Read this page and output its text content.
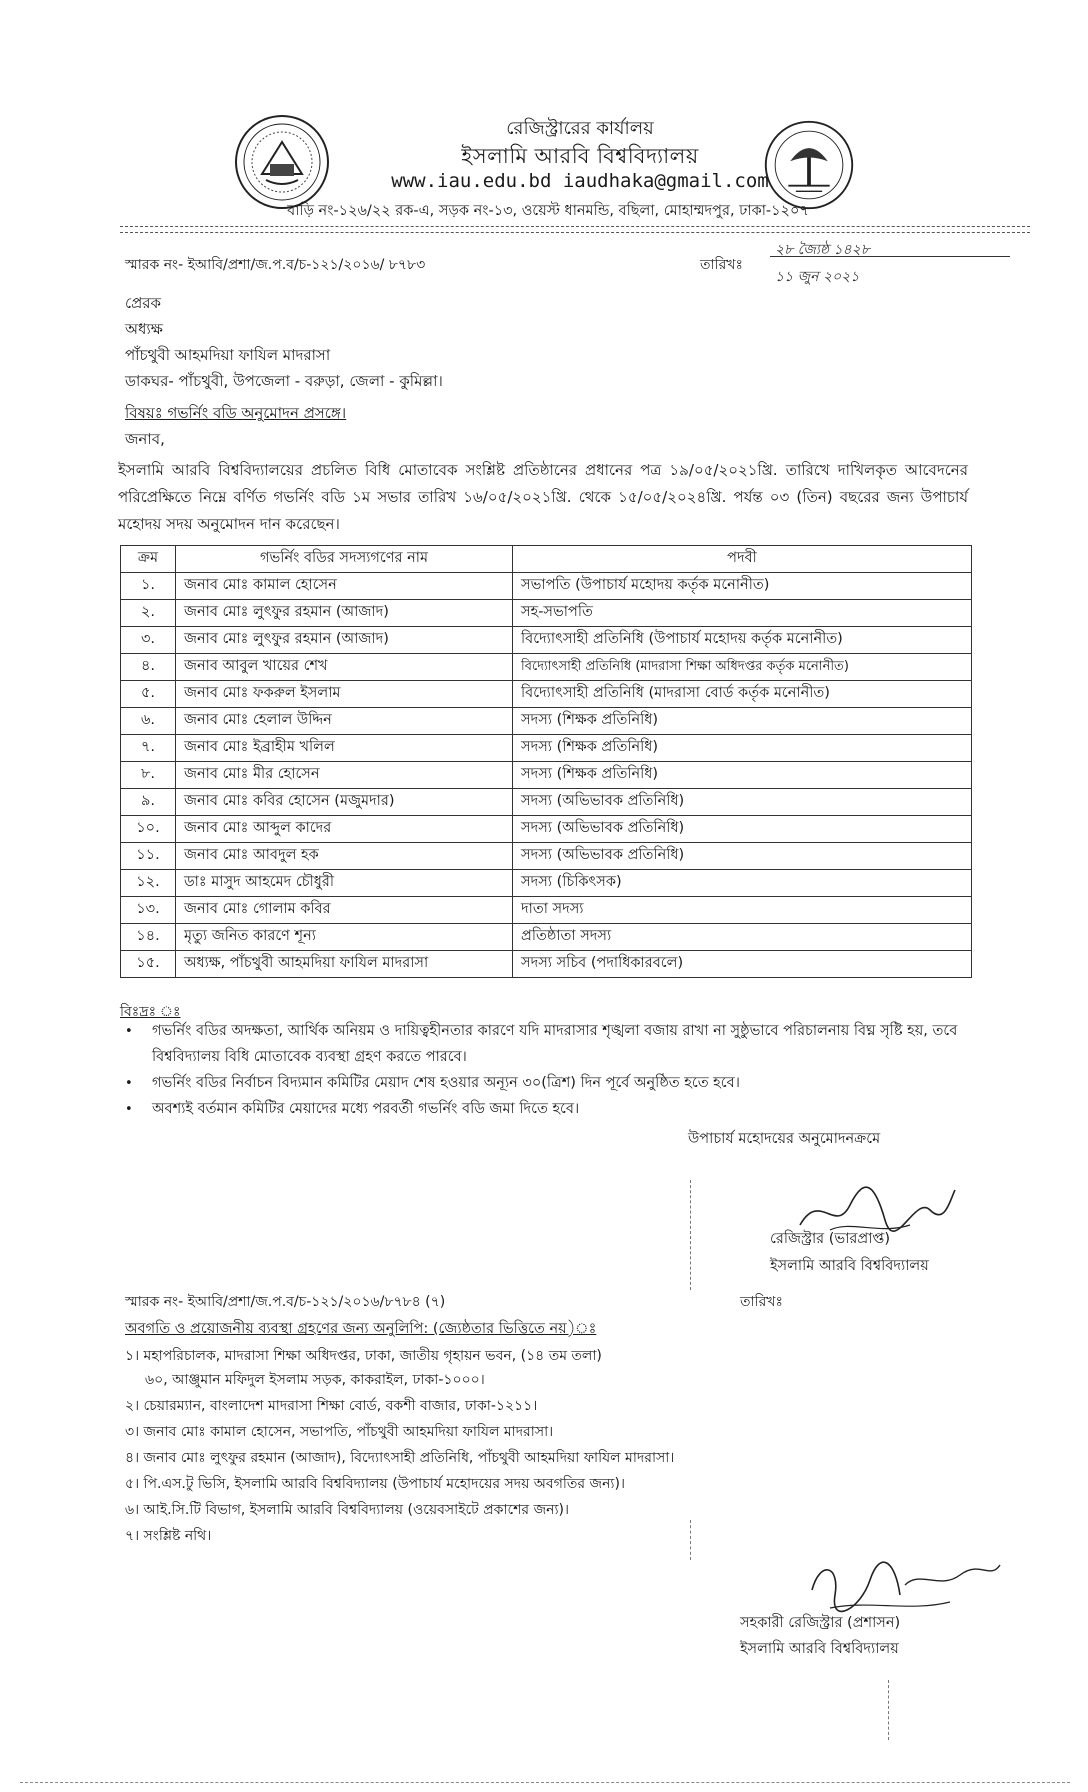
রেজিস্ট্রারের কার্যালয়
ইসলামি আরবি বিশ্ববিদ্যালয়
www.iau.edu.bd iaudhaka@gmail.com
বাড়ি নং-১২৬/২২ রক-এ, সড়ক নং-১৩, ওয়েস্ট ধানমন্ডি, বছিলা, মোহাম্মদপুর, ঢাকা-১২০৭
স্মারক নং- ইআবি/প্রশা/জ.প.ব/চ-১২১/২০১৬/ ৮৭৮৩	তারিখঃ
২৮ জ্যৈষ্ঠ ১৪২৮
১১ জুন ২০২১
প্রেরক
অধ্যক্ষ
পাঁচথুবী আহমদিয়া ফাযিল মাদরাসা
ডাকঘর- পাঁচথুবী, উপজেলা - বরুড়া, জেলা - কুমিল্লা।
বিষয়ঃ গভর্নিং বডি অনুমোদন প্রসঙ্গে।
জনাব,
ইসলামি আরবি বিশ্ববিদ্যালয়ের প্রচলিত বিধি মোতাবেক সংশ্লিষ্ট প্রতিষ্ঠানের প্রধানের পত্র ১৯/০৫/২০২১খ্রি. তারিখে দাখিলকৃত আবেদনের পরিপ্রেক্ষিতে নিম্নে বর্ণিত গভর্নিং বডি ১ম সভার তারিখ ১৬/০৫/২০২১খ্রি. থেকে ১৫/০৫/২০২৪খ্রি. পর্যন্ত ০৩ (তিন) বছরের জন্য উপাচার্য মহোদয় সদয় অনুমোদন দান করেছেন।
ক্রম	গভর্নিং বডির সদস্যগণের নাম	পদবী
১.	জনাব মোঃ কামাল হোসেন	সভাপতি (উপাচার্য মহোদয় কর্তৃক মনোনীত)
২.	জনাব মোঃ লুৎফুর রহমান (আজাদ)	সহ-সভাপতি
৩.	জনাব মোঃ লুৎফুর রহমান (আজাদ)	বিদ্যোৎসাহী প্রতিনিধি (উপাচার্য মহোদয় কর্তৃক মনোনীত)
৪.	জনাব আবুল খায়ের শেখ	বিদ্যোৎসাহী প্রতিনিধি (মাদরাসা শিক্ষা অধিদপ্তর কর্তৃক মনোনীত)
৫.	জনাব মোঃ ফকরুল ইসলাম	বিদ্যোৎসাহী প্রতিনিধি (মাদরাসা বোর্ড কর্তৃক মনোনীত)
৬.	জনাব মোঃ হেলাল উদ্দিন	সদস্য (শিক্ষক প্রতিনিধি)
৭.	জনাব মোঃ ইব্রাহীম খলিল	সদস্য (শিক্ষক প্রতিনিধি)
৮.	জনাব মোঃ মীর হোসেন	সদস্য (শিক্ষক প্রতিনিধি)
৯.	জনাব মোঃ কবির হোসেন (মজুমদার)	সদস্য (অভিভাবক প্রতিনিধি)
১০.	জনাব মোঃ আব্দুল কাদের	সদস্য (অভিভাবক প্রতিনিধি)
১১.	জনাব মোঃ আবদুল হক	সদস্য (অভিভাবক প্রতিনিধি)
১২.	ডাঃ মাসুদ আহমেদ চৌধুরী	সদস্য (চিকিৎসক)
১৩.	জনাব মোঃ গোলাম কবির	দাতা সদস্য
১৪.	মৃত্যু জনিত কারণে শূন্য	প্রতিষ্ঠাতা সদস্য
১৫.	অধ্যক্ষ, পাঁচথুবী আহমদিয়া ফাযিল মাদরাসা	সদস্য সচিব (পদাধিকারবলে)
বিঃদ্রঃ ঃ
• গভর্নিং বডির অদক্ষতা, আর্থিক অনিয়ম ও দায়িত্বহীনতার কারণে যদি মাদরাসার শৃঙ্খলা বজায় রাখা না সুষ্ঠুভাবে পরিচালনায় বিঘ্ন সৃষ্টি হয়, তবে বিশ্ববিদ্যালয় বিধি মোতাবেক ব্যবস্থা গ্রহণ করতে পারবে।
• গভর্নিং বডির নির্বাচন বিদ্যমান কমিটির মেয়াদ শেষ হওয়ার অন্যূন ৩০(ত্রিশ) দিন পূর্বে অনুষ্ঠিত হতে হবে।
• অবশ্যই বর্তমান কমিটির মেয়াদের মধ্যে পরবর্তী গভর্নিং বডি জমা দিতে হবে।
উপাচার্য মহোদয়ের অনুমোদনক্রমে
রেজিস্ট্রার (ভারপ্রাপ্ত)
ইসলামি আরবি বিশ্ববিদ্যালয়
স্মারক নং- ইআবি/প্রশা/জ.প.ব/চ-১২১/২০১৬/৮৭৮৪ (৭)	তারিখঃ
অবগতি ও প্রয়োজনীয় ব্যবস্থা গ্রহণের জন্য অনুলিপি: (জ্যেষ্ঠতার ভিত্তিতে নয়)ঃ
১। মহাপরিচালক, মাদরাসা শিক্ষা অধিদপ্তর, ঢাকা, জাতীয় গৃহায়ন ভবন, (১৪ তম তলা)
৬০, আঞ্জুমান মফিদুল ইসলাম সড়ক, কাকরাইল, ঢাকা-১০০০।
২। চেয়ারম্যান, বাংলাদেশ মাদরাসা শিক্ষা বোর্ড, বকশী বাজার, ঢাকা-১২১১।
৩। জনাব মোঃ কামাল হোসেন, সভাপতি, পাঁচথুবী আহমদিয়া ফাযিল মাদরাসা।
৪। জনাব মোঃ লুৎফুর রহমান (আজাদ), বিদ্যোৎসাহী প্রতিনিধি, পাঁচথুবী আহমদিয়া ফাযিল মাদরাসা।
৫। পি.এস.টু ভিসি, ইসলামি আরবি বিশ্ববিদ্যালয় (উপাচার্য মহোদয়ের সদয় অবগতির জন্য)।
৬। আই.সি.টি বিভাগ, ইসলামি আরবি বিশ্ববিদ্যালয় (ওয়েবসাইটে প্রকাশের জন্য)।
৭। সংশ্লিষ্ট নথি।
সহকারী রেজিস্ট্রার (প্রশাসন)
ইসলামি আরবি বিশ্ববিদ্যালয়
